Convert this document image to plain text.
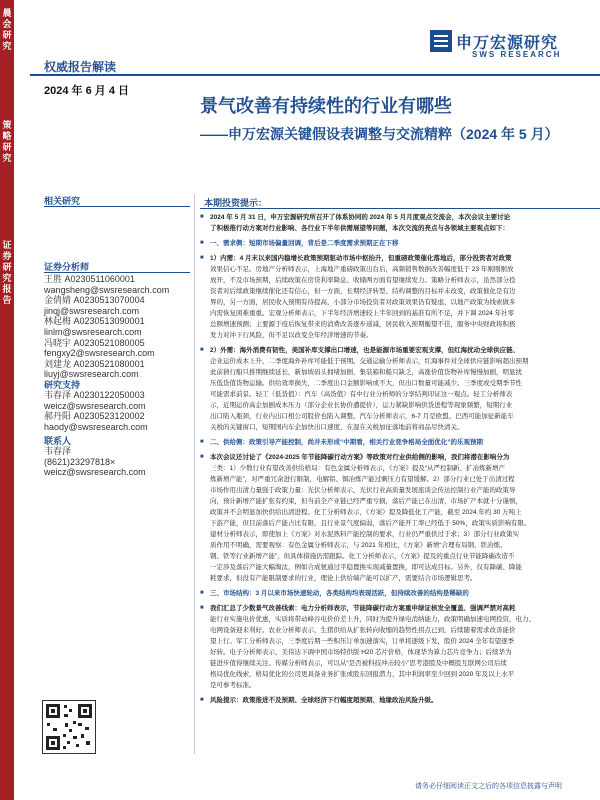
晨会研究
策略研究
证券研究报告
权威报告解读
2024 年 6 月 4 日
申万宏源研究
SWS RESEARCH
景气改善有持续性的行业有哪些
——申万宏源关键假设表调整与交流精粹（2024 年 5 月）
相关研究
证券分析师
王胜 A0230511060001
wangsheng@swsresearch.com
金倩婧 A0230513070004
jinqj@swsresearch.com
林起梅 A0230513090001
linlm@swsresearch.com
冯晓宇 A0230521080005
fengxy2@swsresearch.com
刘建龙 A0230521080001
liuyj@swsresearch.com
研究支持
韦春泽 A0230122050003
weicz@swsresearch.com
郝丹阳 A0230523120002
haody@swsresearch.com
联系人
韦春泽
(8621)23297818×
weicz@swsresearch.com
本期投资提示：
■ 2024 年 5 月 31 日，申万宏源研究所召开了体系协同的 2024 年 5 月月度观点交流会，本次会议主要讨论
了积极推行动方案对行业影响、各行业下半年供需展望等问题，本次交流的亮点与各领域主要观点如下：
■ 一、需求侧：短期市场偏量回调，背后是二季度需求预期正在下移
■ 1）内需：4 月末以来国内稳增长政策预期驱动市场中枢抬升，但重磅政策催化落地后，部分投资者对政策
效果信心不足。房地产分析师表示，上海地产重磅政策出台后，高频销售数据改善幅度低于 23 年刚刚刚放
放开，不及市场预期，后续政策在房贷利率降息、收储两方面有望继续发力。策略分析师表示，虽然部分投
资者对后续政策继续催化还有信心，但一方面，长期经济转型、结构调整的目标并未改变，政策催化是有边
界的，另一方面，居民收入预期有待提高，小部分市场投资者对政策效果仍有疑虑，以地产政策为线索做多
内需恢复困难重重。宏观分析师表示，下半年经济增速较上半年回到的基准有所不足，并下调 2024 年社零
总额增速预测；主要源于疫后恢复带来的消费改善逐步递减，居民收入预期衡望不佳，服务中央财政将积极
发力对冲下行风险，但不足以改变全年经济增速的节奏。
■ 2）外需：海外消费有韧性，美国补库支撑出口增速，也是能源市场重要宏观支撑，但红海扰动全球供应链、
企业运价成本上升，二季度海外补库可能低于预期。交通运输分析师表示，红海事件对全球供应链影响超出预期
此前猜行船只推期继续延长，新加坡码头拥堵加剧，集装箱和船只缺乏，高涨价值货物补库慢慢加剧，明显扰
压低货值货物运输。供给效率损失，二季度出口金额影响或不大，但出口数量可能减少。三季度或受期季节性
可能需求前景。轻工（低货值）：汽车（高货值）有中行业分析师的分享结判印证这一观点。轻工分析师表
示，近期运价高企加剧成本压力（部分企业长协价遭提价），运力紧缺影响供货进程等现象频繁，短期行业
出口陷入瓶颈，行业内出口相公司股价也陷入调整。汽车分析师表示，6-7 月是欧盟、巴西可能加征新能车
关税的关键窗口，短期国内车企加快出口速度，在湿在关税加征落地前将商品尽快清关。
■ 二、供给侧：政策引导产能控制，尚并未形成“中期看，相关行业竞争格局全面优化”的乐观预期
■ 本次会议还讨论了《2024-2025 年节能降碳行动方案》等政策对行业供给侧的影响，我们将潜在影响分为
三类：1）少数行业有望改善供给格局：有色金属分析师表示，《方案》提及“从严控制新、扩冶炼新增产
炼新增产能”，对严重冗余进行限制，电解铝、铜冶炼产能过剩压力有望缓解。2）部分行业已处于出清过程
市场作用出清力量强于政策力量：光伏分析师表示，光伏行业高质量发展座谈会传达控制行业产能的政策导
向，预计新增产能扩张有约束，但当前全产业链已经严重亏损，落后产能已在出清，市场扩产本就十分谨慎，
政策并不会明显加快供给出清进程。化工分析师表示，《方案》提及降低化工产能，截至 2024 年约 30 万吨上
下游产能，但目前落后产能占比有限，且行业景气度偏弱，落后产能开工率已经低于 50%，政策实质影响有限。
建材分析师表示，即使加上《方案》对水泥熟料产能控制的要求，行业仍严重供过于求；3）部分行业政策实
质作用不明确，需要观察：有色金属分析师表示，与 2021 年相比，《方案》新增“合理布局钢、铁冶炼、
钢、铁等行业新增产能”，但具体措施仍需跟踪。化工分析师表示，《方案》提及的重点行业节能降碳改造不
一定涉及落后产能大幅淘汰，例如合成氨通过平稳置换实现减量置换，即可达成目标。另外，仅有降碳、降能
耗要求，但没有产能限制要求的行业，理论上供给端产能可以扩产，需要结合市场逻辑思考。
■ 三、市场结构：3 月以来市场快速轮动，各类结构均表现活跃，但持续改善的结构是稀缺的
■ 我们汇总了少数景气改善线索：电力分析师表示，节能降碳行动方案重申绿证核发全覆盖、强调严禁对高耗
能行业实施电价优惠，实质将带动峰谷电价价差上升，同时为提升绿电消纳能力，政策明确加速电网投资，电力、
电网设备迎来利好。农业分析师表示，生猪供给从扩张转向收缩的趋势性拐点已到，后续随着需求改善能价
望上行。军工分析师表示，三季度后期一些积压订单加速落实，订单将逐级下发，股价 2024 全年有望逐季
好转。电子分析师表示，美伟达下调中国市场特供版 H20 芯片价格，体现华为算力芯片竞争力；后续华为
链进步值得继续关注。传媒分析师表示，可以从“是否被科技冲击较小”思考港股及中概股互联网公司后续
格局优化线索，格局优化的公司更具备业务扩张或股东回报潜力，其中利润率至少回到 2020 年及以上水平
是可参考标准。
■ 风险提示：政策推进不及预期、全球经济下行幅度超预期、地缘政治风险升级。
请务必仔细阅读正文之后的各项信息披露与声明
